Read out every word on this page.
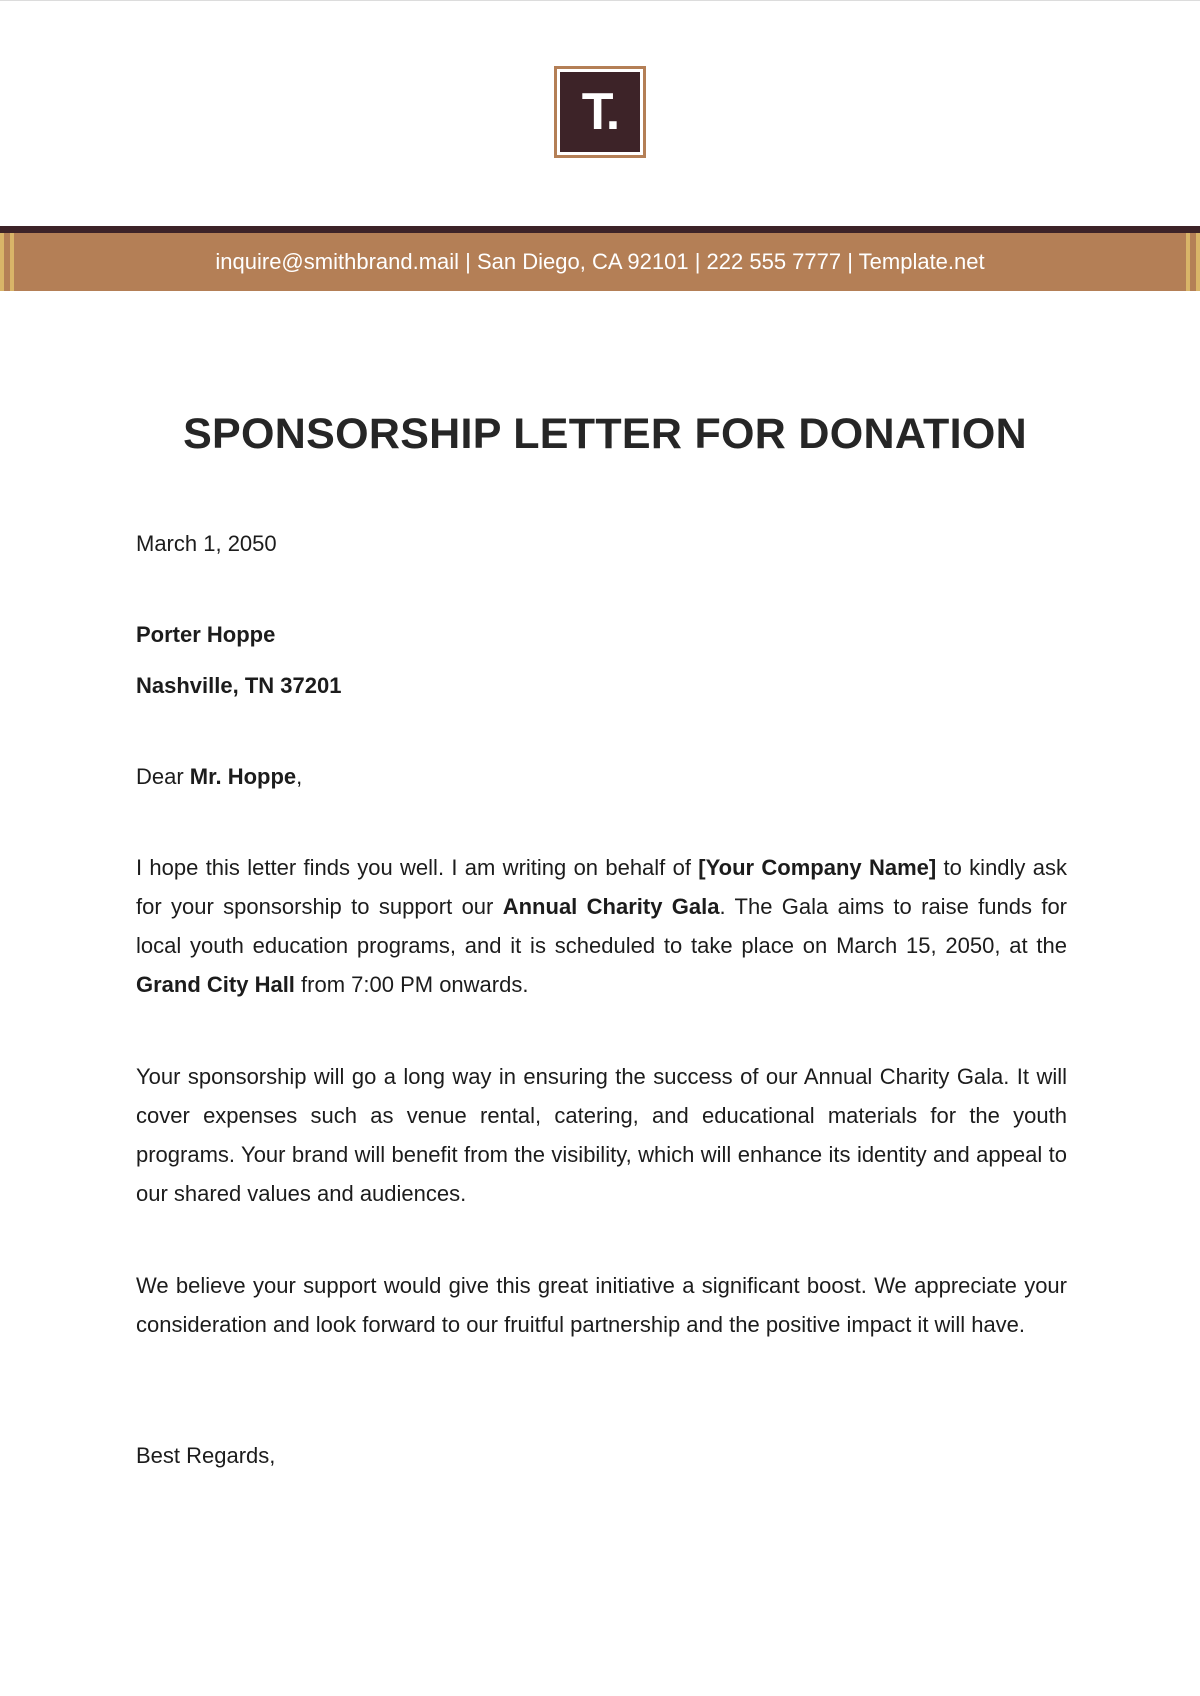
T.
inquire@smithbrand.mail | San Diego, CA 92101 | 222 555 7777 | Template.net
SPONSORSHIP LETTER FOR DONATION

March 1, 2050

Porter Hoppe

Nashville, TN 37201

Dear Mr. Hoppe,

I hope this letter finds you well. I am writing on behalf of [Your Company Name] to kindly ask for your sponsorship to support our Annual Charity Gala. The Gala aims to raise funds for local youth education programs, and it is scheduled to take place on March 15, 2050, at the Grand City Hall from 7:00 PM onwards.

Your sponsorship will go a long way in ensuring the success of our Annual Charity Gala. It will cover expenses such as venue rental, catering, and educational materials for the youth programs. Your brand will benefit from the visibility, which will enhance its identity and appeal to our shared values and audiences.

We believe your support would give this great initiative a significant boost. We appreciate your consideration and look forward to our fruitful partnership and the positive impact it will have.

Best Regards,
